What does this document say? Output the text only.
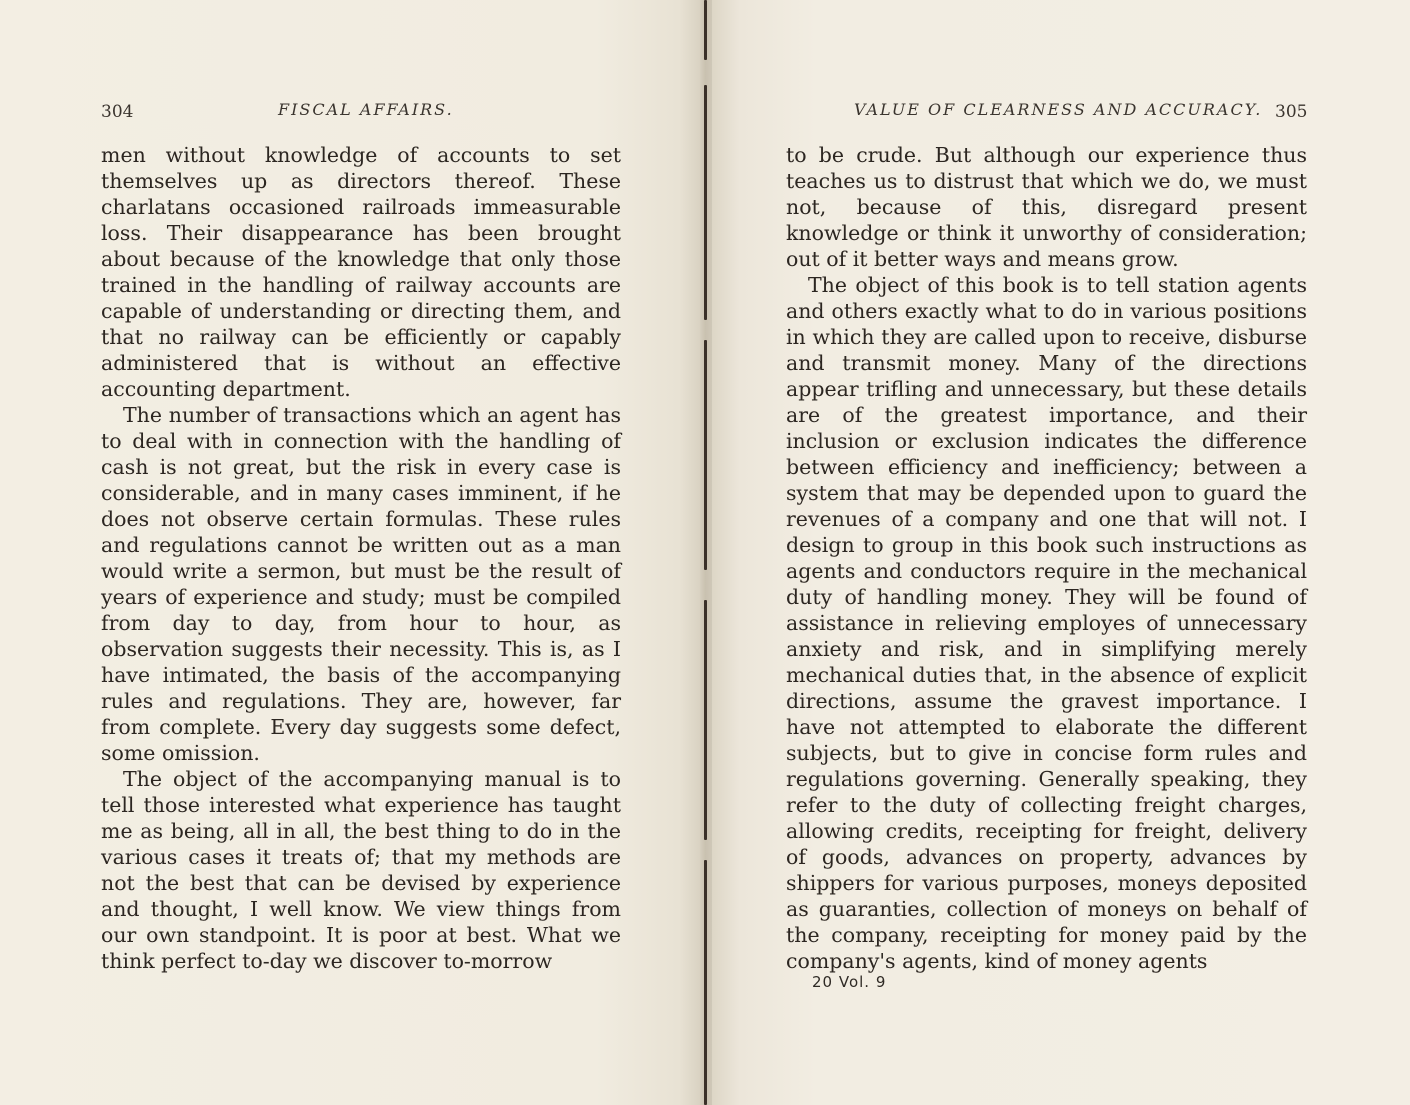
304	FISCAL AFFAIRS.

men without knowledge of accounts to set themselves up as directors thereof. These charlatans occasioned railroads immeasurable loss. Their disappearance has been brought about because of the knowledge that only those trained in the handling of railway accounts are capable of understanding or directing them, and that no railway can be efficiently or capably administered that is without an effective accounting department.

The number of transactions which an agent has to deal with in connection with the handling of cash is not great, but the risk in every case is considerable, and in many cases imminent, if he does not observe certain formulas. These rules and regulations cannot be written out as a man would write a sermon, but must be the result of years of experience and study; must be compiled from day to day, from hour to hour, as observation suggests their necessity. This is, as I have intimated, the basis of the accompanying rules and regulations. They are, however, far from complete. Every day suggests some defect, some omission.

The object of the accompanying manual is to tell those interested what experience has taught me as being, all in all, the best thing to do in the various cases it treats of; that my methods are not the best that can be devised by experience and thought, I well know. We view things from our own standpoint. It is poor at best. What we think perfect to-day we discover to-morrow

VALUE OF CLEARNESS AND ACCURACY. 305

to be crude. But although our experience thus teaches us to distrust that which we do, we must not, because of this, disregard present knowledge or think it unworthy of consideration; out of it better ways and means grow.

The object of this book is to tell station agents and others exactly what to do in various positions in which they are called upon to receive, disburse and transmit money. Many of the directions appear trifling and unnecessary, but these details are of the greatest importance, and their inclusion or exclusion indicates the difference between efficiency and inefficiency; between a system that may be depended upon to guard the revenues of a company and one that will not. I design to group in this book such instructions as agents and conductors require in the mechanical duty of handling money. They will be found of assistance in relieving employes of unnecessary anxiety and risk, and in simplifying merely mechanical duties that, in the absence of explicit directions, assume the gravest importance. I have not attempted to elaborate the different subjects, but to give in concise form rules and regulations governing. Generally speaking, they refer to the duty of collecting freight charges, allowing credits, receipting for freight, delivery of goods, advances on property, advances by shippers for various purposes, moneys deposited as guaranties, collection of moneys on behalf of the company, receipting for money paid by the company's agents, kind of money agents

20 Vol. 9
